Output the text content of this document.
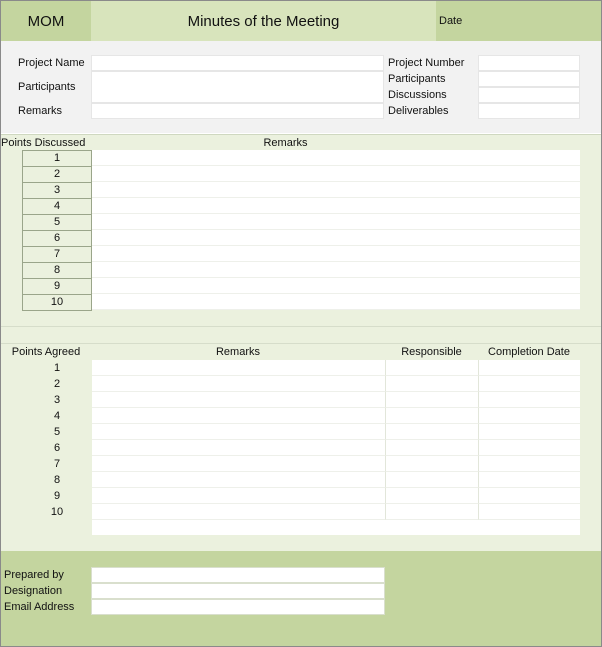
MOM	Minutes of the Meeting	Date
Project Name
Participants
Remarks
Project Number
Participants
Discussions
Deliverables
Points Discussed	Remarks
1
2
3
4
5
6
7
8
9
10
Points Agreed	Remarks	Responsible	Completion Date
1
2
3
4
5
6
7
8
9
10
Prepared by
Designation
Email Address
